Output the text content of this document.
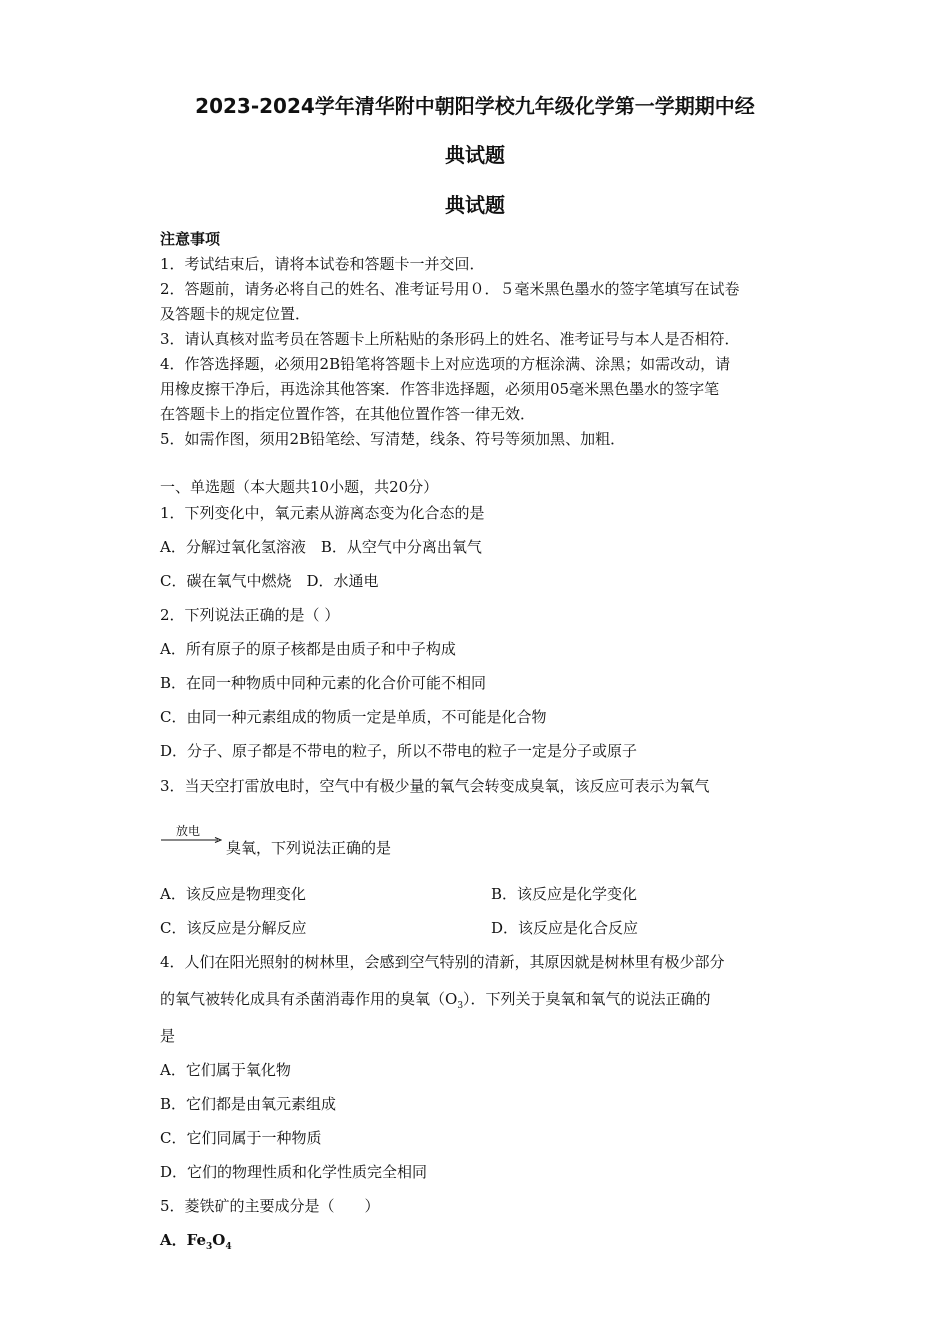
2023-2024学年清华附中朝阳学校九年级化学第一学期期中经
典试题
典试题
注意事项
1．考试结束后，请将本试卷和答题卡一并交回．
2．答题前，请务必将自己的姓名、准考证号用０．５毫米黑色墨水的签字笔填写在试卷
及答题卡的规定位置．
3．请认真核对监考员在答题卡上所粘贴的条形码上的姓名、准考证号与本人是否相符．
4．作答选择题，必须用2B铅笔将答题卡上对应选项的方框涂满、涂黑；如需改动，请
用橡皮擦干净后，再选涂其他答案．作答非选择题，必须用05毫米黑色墨水的签字笔
在答题卡上的指定位置作答，在其他位置作答一律无效．
5．如需作图，须用2B铅笔绘、写清楚，线条、符号等须加黑、加粗．
一、单选题（本大题共10小题，共20分）
1．下列变化中，氧元素从游离态变为化合态的是
A．分解过氧化氢溶液　B．从空气中分离出氧气
C．碳在氧气中燃烧　D．水通电
2．下列说法正确的是（ ）
A．所有原子的原子核都是由质子和中子构成
B．在同一种物质中同种元素的化合价可能不相同
C．由同一种元素组成的物质一定是单质，不可能是化合物
D．分子、原子都是不带电的粒子，所以不带电的粒子一定是分子或原子
3．当天空打雷放电时，空气中有极少量的氧气会转变成臭氧，该反应可表示为氧气
放电
臭氧，下列说法正确的是
A．该反应是物理变化	B．该反应是化学变化
C．该反应是分解反应	D．该反应是化合反应
4．人们在阳光照射的树林里，会感到空气特别的清新，其原因就是树林里有极少部分
的氧气被转化成具有杀菌消毒作用的臭氧$(O_3)$．下列关于臭氧和氧气的说法正确的
是
A．它们属于氧化物
B．它们都是由氧元素组成
C．它们同属于一种物质
D．它们的物理性质和化学性质完全相同
5．菱铁矿的主要成分是（　　）
A．$Fe_3O_4$
